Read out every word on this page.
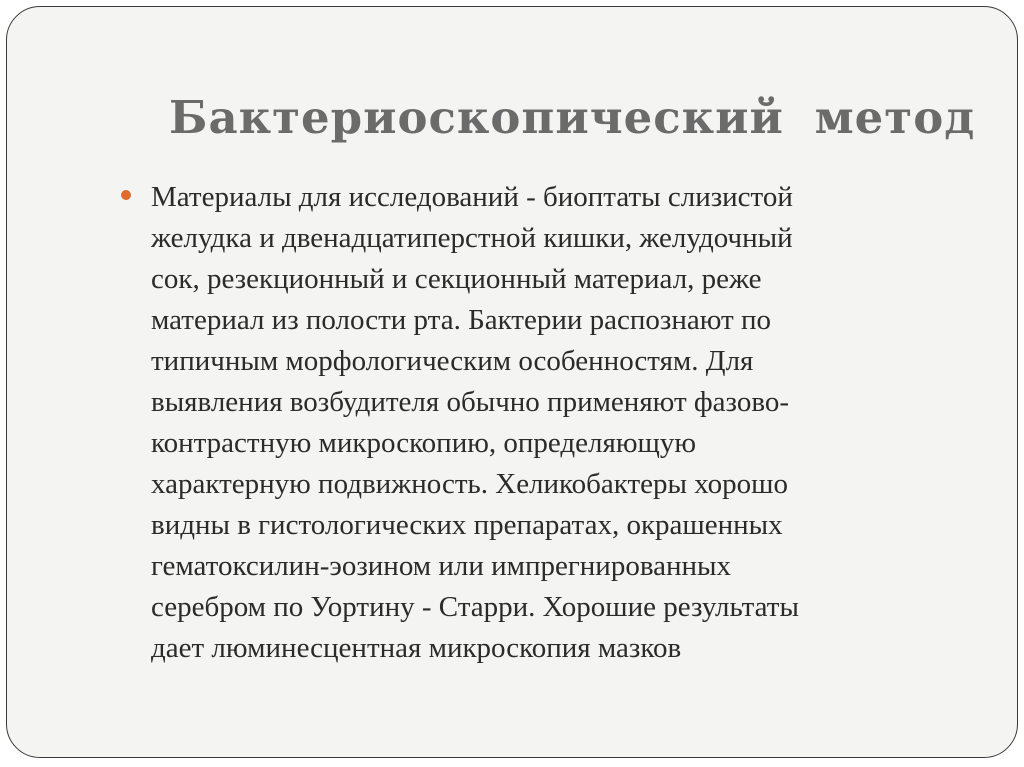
Бактериоскопический метод

Материалы для исследований - биоптаты слизистой
желудка и двенадцатиперстной кишки, желудочный
сок, резекционный и секционный материал, реже
материал из полости рта. Бактерии распознают по
типичным морфологическим особенностям. Для
выявления возбудителя обычно применяют фазово-
контрастную микроскопию, определяющую
характерную подвижность. Хеликобактеры хорошо
видны в гистологических препаратах, окрашенных
гематоксилин-эозином или импрегнированных
серебром по Уортину - Старри. Хорошие результаты
дает люминесцентная микроскопия мазков
